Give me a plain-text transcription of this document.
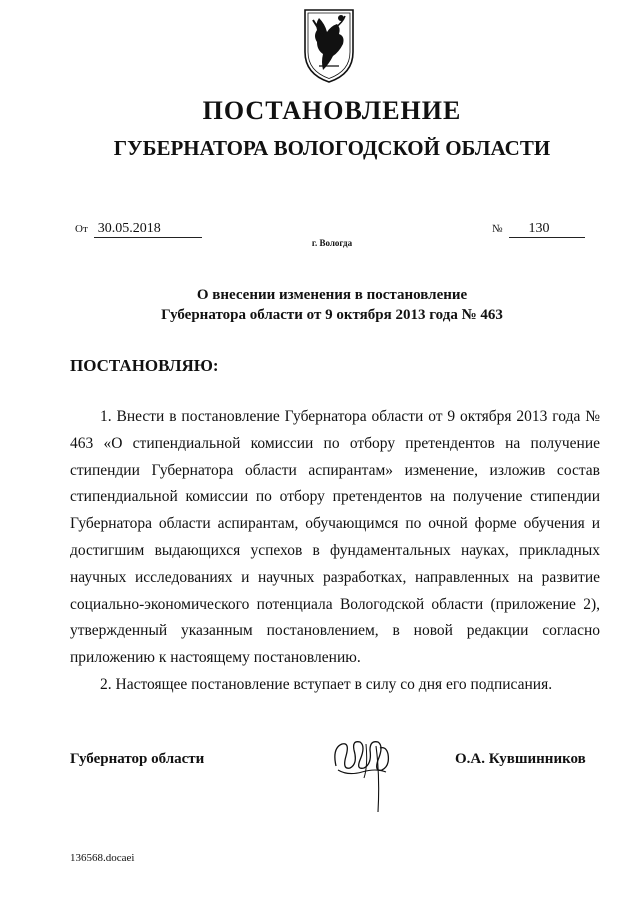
ПОСТАНОВЛЕНИЕ
ГУБЕРНАТОРА ВОЛОГОДСКОЙ ОБЛАСТИ
От 30.05.2018	№ 130
г. Вологда
О внесении изменения в постановление
Губернатора области от 9 октября 2013 года № 463
ПОСТАНОВЛЯЮ:

1. Внести в постановление Губернатора области от 9 октября 2013 года № 463 «О стипендиальной комиссии по отбору претендентов на получение стипендии Губернатора области аспирантам» изменение, изложив состав стипендиальной комиссии по отбору претендентов на получение стипендии Губернатора области аспирантам, обучающимся по очной форме обучения и достигшим выдающихся успехов в фундаментальных науках, прикладных научных исследованиях и научных разработках, направленных на развитие социально-экономического потенциала Вологодской области (приложение 2), утвержденный указанным постановлением, в новой редакции согласно приложению к настоящему постановлению.

2. Настоящее постановление вступает в силу со дня его подписания.

Губернатор области	О.А. Кувшинников
136568.docaei
